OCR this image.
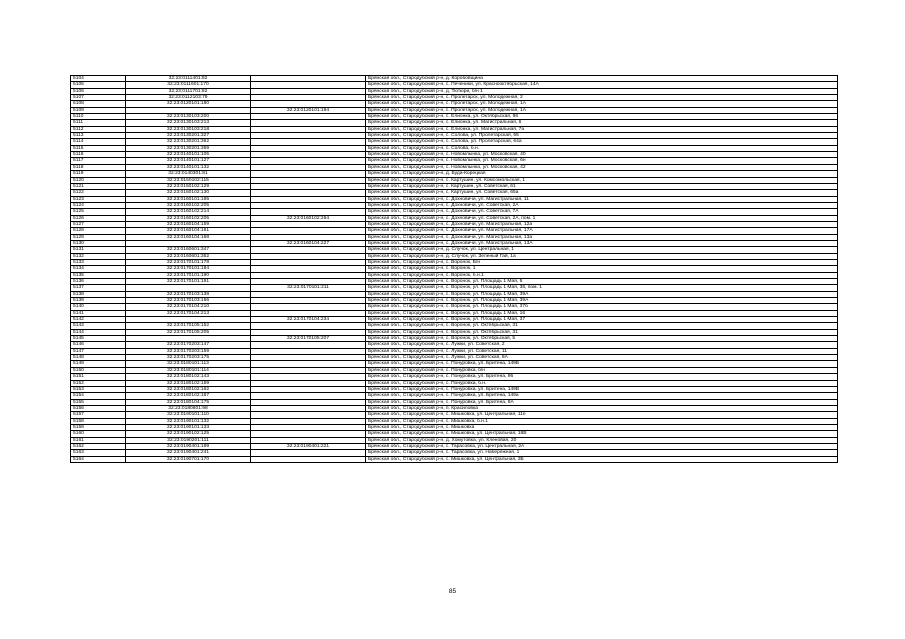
5104	32:23:0111401:82		Брянская обл., Стародубский р-н, д. Коробовщина
5105	32:23:0111601:170		Брянская обл., Стародубский р-н, с. Печеники, ул. Краснооктябрьская, 14А
5106	32:23:0111701:82		Брянская обл., Стародубский р-н, д. Тютюри, б/н 1
5107	32:23:0112103:79		Брянская обл., Стародубский р-н, с. Пролетарск, ул. Молодежная, 2
5108	32:23:0120101:180		Брянская обл., Стародубский р-н, с. Пролетарск, ул. Молодежная, 1А
5109		32:23:0120101:194	Брянская обл., Стародубский р-н, с. Пролетарск, ул. Молодежная, 1А
5110	32:23:0130103:200		Брянская обл., Стародубский р-н, с. Елионка, ул. Октябрьская, 96
5111	32:23:0130103:213		Брянская обл., Стародубский р-н, с. Елионка, ул. Магистральная, 6
5112	32:23:0130103:218		Брянская обл., Стародубский р-н, с. Елионка, ул. Магистральная, 7а
5113	32:23:0130201:327		Брянская обл., Стародубский р-н, с. Солова, ул. Пролетарская, 65
5114	32:23:0130201:362		Брянская обл., Стародубский р-н, с. Солова, ул. Пролетарская, 64а
5115	32:23:0130201:369		Брянская обл., Стародубский р-н, с. Солова, б.н.
5116	32:23:0140101:105		Брянская обл., Стародубский р-н, с. Новомлынка, ул. Московская, 40
5117	32:23:0140101:127		Брянская обл., Стародубский р-н, с. Новомлынка, ул. Московская, 6н
5118	32:23:0140101:132		Брянская обл., Стародубский р-н, с. Новомлынка, ул. Московская, 42
5119	32:23:0140301:81		Брянская обл., Стародубский р-н, д. Буда-Корецкая
5120	32:23:0150102:115		Брянская обл., Стародубский р-н, с. Картушин, ул. Комсомольская, 1
5121	32:23:0150102:129		Брянская обл., Стародубский р-н, с. Картушин, ул. Советская, 61
5122	32:23:0150102:130		Брянская обл., Стародубский р-н, с. Картушин, ул. Советская, 65а
5123	32:23:0160101:195		Брянская обл., Стародубский р-н, с. Дохновичи, ул. Магистральная, 11
5124	32:23:0160102:205		Брянская обл., Стародубский р-н, с. Дохновичи, ул. Советская, 2А
5125	32:23:0160102:214		Брянская обл., Стародубский р-н, с. Дохновичи, ул. Советская, 7А
5126	32:23:0160102:205	32:23:0160102:264	Брянская обл., Стародубский р-н, с. Дохновичи, ул. Советская, 2А, пом. 1
5127	32:23:0160104:159		Брянская обл., Стародубский р-н, с. Дохновичи, ул. Магистральная, 12а
5128	32:23:0160104:161		Брянская обл., Стародубский р-н, с. Дохновичи, ул. Магистральная, 17А
5129	32:23:0160104:168		Брянская обл., Стародубский р-н, с. Дохновичи, ул. Магистральная, 13а
5130		32:23:0160104:227	Брянская обл., Стародубский р-н, с. Дохновичи, ул. Магистральная, 13А
5131	32:23:0160601:347		Брянская обл., Стародубский р-н, д. Случок, ул. Центральная, 1
5132	32:23:0160601:352		Брянская обл., Стародубский р-н, д. Случок, ул. Зеленый Гай, 1а
5133	32:23:0170101:178		Брянская обл., Стародубский р-н, с. Воронок, Б/н
5134	32:23:0170101:184		Брянская обл., Стародубский р-н, с. Воронок, 1
5135	32:23:0170101:190		Брянская обл., Стародубский р-н, с. Воронок, б.н.1
5136	32:23:0170101:191		Брянская обл., Стародубский р-н, с. Воронок, ул. Площадь 1 Мая, 5
5137		32:23:0170101:211	Брянская обл., Стародубский р-н, с. Воронок, ул. Площадь 1 Мая, 36, пом. 1
5138	32:23:0170103:138		Брянская обл., Стародубский р-н, с. Воронок, ул. Площадь 1 Мая, 39А
5139	32:23:0170103:156		Брянская обл., Стародубский р-н, с. Воронок, ул. Площадь 1 Мая, 39А
5140	32:23:0170104:210		Брянская обл., Стародубский р-н, с. Воронок, ул. Площадь 1 Мая, 37б
5141	32:23:0170104:213		Брянская обл., Стародубский р-н, с. Воронок, ул. Площадь 1 Мая, 16
5142		32:23:0170104:234	Брянская обл., Стародубский р-н, с. Воронок, ул. Площадь 1 Мая, 37
5143	32:23:0170105:152		Брянская обл., Стародубский р-н, с. Воронок, ул. Октябрьская, 31
5144	32:23:0170105:205		Брянская обл., Стародубский р-н, с. Воронок, ул. Октябрьская, 31
5145		32:23:0170105:207	Брянская обл., Стародубский р-н, с. Воронок, ул. Октябрьская, 5
5146	32:23:0170203:147		Брянская обл., Стародубский р-н, с. Лужки, ул. Советская, 2
5147	32:23:0170203:159		Брянская обл., Стародубский р-н, с. Лужки, ул. Советская, 11
5148	32:23:0170203:175		Брянская обл., Стародубский р-н, с. Лужки, ул. Советская, 8А
5149	32:23:0180101:113		Брянская обл., Стародубский р-н, с. Понуровка, ул. Бритена, 149Б
5150	32:23:0180101:114		Брянская обл., Стародубский р-н, с. Понуровка, б/н
5151	32:23:0180102:143		Брянская обл., Стародубский р-н, с. Понуровка, ул. Бритена, 96
5152	32:23:0180102:159		Брянская обл., Стародубский р-н, с. Понуровка, б.н.
5153	32:23:0180102:162		Брянская обл., Стародубский р-н, с. Понуровка, ул. Бритена, 149В
5154	32:23:0180102:167		Брянская обл., Стародубский р-н, с. Понуровка, ул. Бритена, 149а
5155	32:23:0180104:175		Брянская обл., Стародубский р-н, с. Понуровка, ул. Бритена, 9А
5156	32:23:0180601:98		Брянская обл., Стародубский р-н, п. Красиловка
5157	32:23:0190101:110		Брянская обл., Стародубский р-н, с. Мишковка, ул. Центральная, 11е
5158	32:23:0190101:132		Брянская обл., Стародубский р-н, с. Мишковка, б.н.1
5159	32:23:0190101:133		Брянская обл., Стародубский р-н, с. Мишковка
5160	32:23:0190102:125		Брянская обл., Стародубский р-н, с. Мишковка, ул. Центральная, 18В
5161	32:23:0190201:111		Брянская обл., Стародубский р-н, д. Хомутовка, ул. Кленовая, 20
5162	32:23:0190401:199	32:23:0190401:221	Брянская обл., Стародубский р-н, с. Тарасовка, ул. Центральная, 2А
5163	32:23:0190401:241		Брянская обл., Стародубский р-н, с. Тарасовка, ул. Набережная, 1
5164	32:23:0190701:170		Брянская обл., Стародубский р-н, с. Мишковка, ул. Центральная, 3Б
85
